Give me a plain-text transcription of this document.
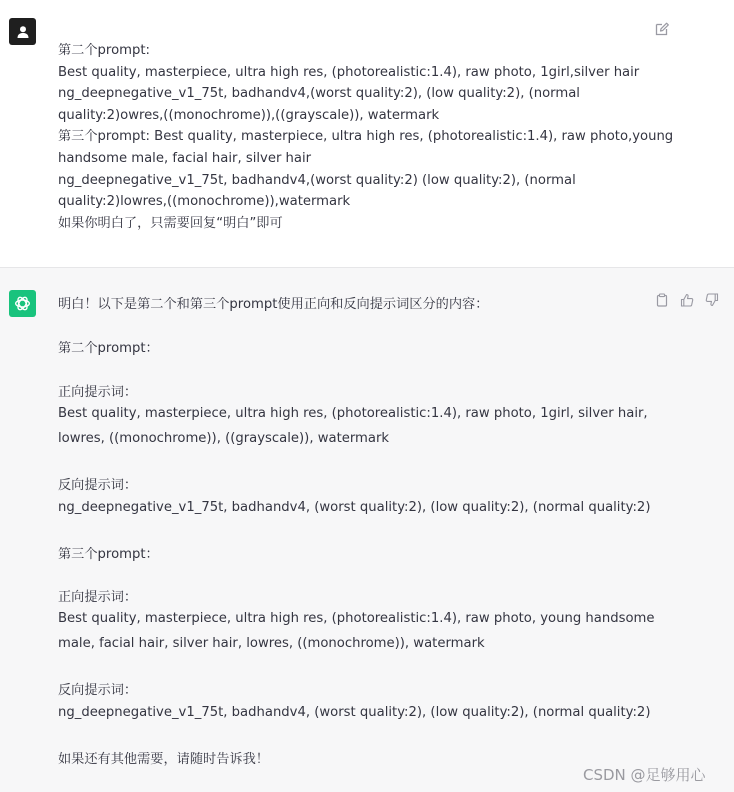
第二个prompt:
Best quality, masterpiece, ultra high res, (photorealistic:1.4), raw photo, 1girl,silver hair
ng_deepnegative_v1_75t, badhandv4,(worst quality:2), (low quality:2), (normal
quality:2)owres,((monochrome)),((grayscale)), watermark
第三个prompt: Best quality, masterpiece, ultra high res, (photorealistic:1.4), raw photo,young
handsome male, facial hair, silver hair
ng_deepnegative_v1_75t, badhandv4,(worst quality:2) (low quality:2), (normal
quality:2)lowres,((monochrome)),watermark
如果你明白了，只需要回复“明白”即可
明白！以下是第二个和第三个prompt使用正向和反向提示词区分的内容：
第二个prompt：
正向提示词：
Best quality, masterpiece, ultra high res, (photorealistic:1.4), raw photo, 1girl, silver hair,
lowres, ((monochrome)), ((grayscale)), watermark
反向提示词：
ng_deepnegative_v1_75t, badhandv4, (worst quality:2), (low quality:2), (normal quality:2)
第三个prompt：
正向提示词：
Best quality, masterpiece, ultra high res, (photorealistic:1.4), raw photo, young handsome
male, facial hair, silver hair, lowres, ((monochrome)), watermark
反向提示词：
ng_deepnegative_v1_75t, badhandv4, (worst quality:2), (low quality:2), (normal quality:2)
如果还有其他需要，请随时告诉我！
CSDN @足够用心
